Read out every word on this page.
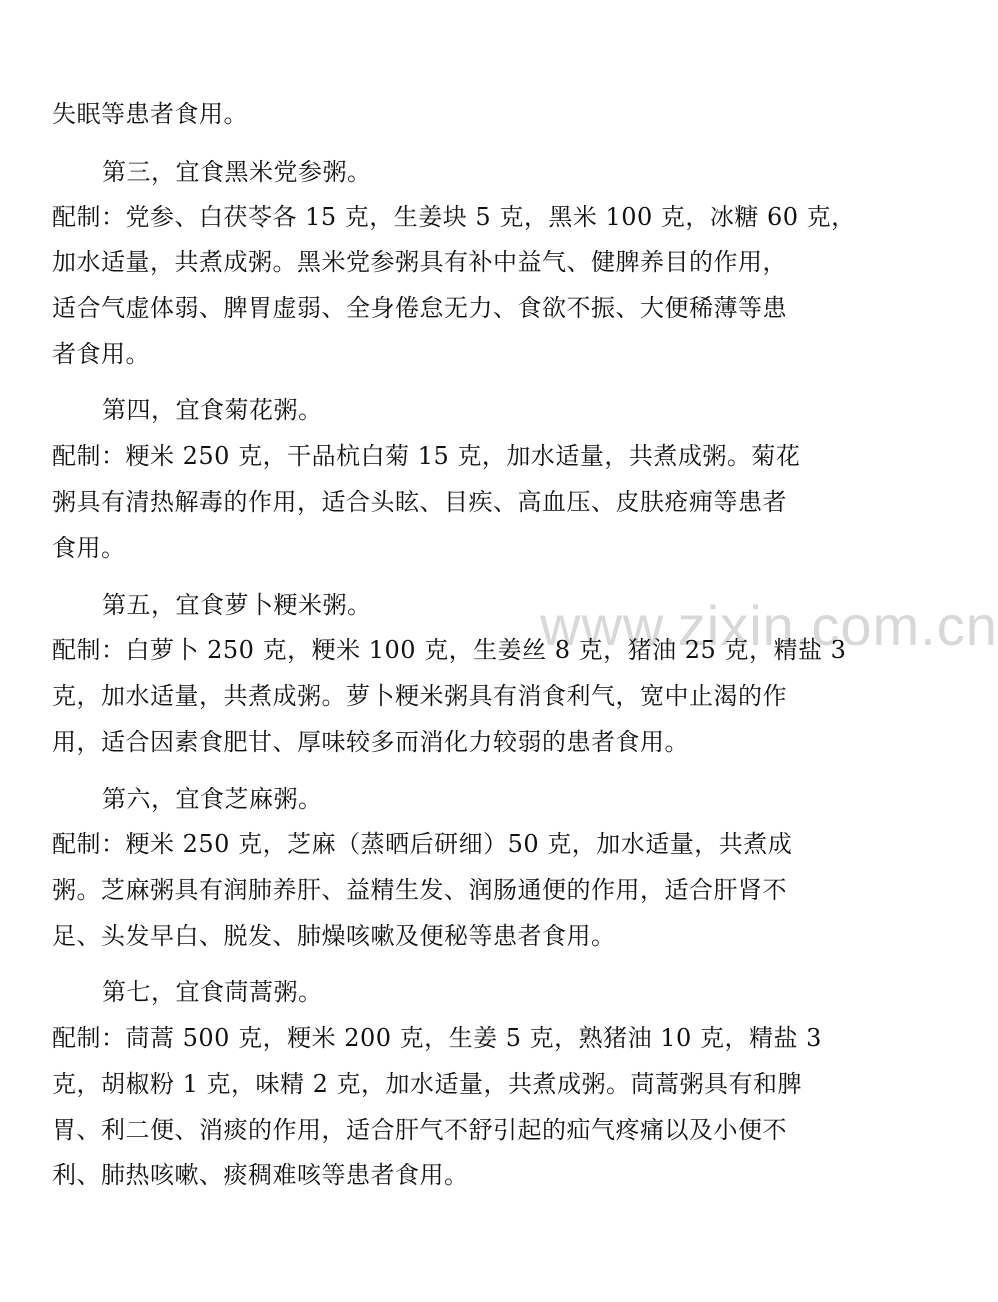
www.zixin.com.cn
失眠等患者食用。
第三，宜食黑米党参粥。
配制：党参、白茯苓各 15 克，生姜块 5 克，黑米 100 克，冰糖 60 克，
加水适量，共煮成粥。黑米党参粥具有补中益气、健脾养目的作用，
适合气虚体弱、脾胃虚弱、全身倦怠无力、食欲不振、大便稀薄等患
者食用。
第四，宜食菊花粥。
配制：粳米 250 克，干品杭白菊 15 克，加水适量，共煮成粥。菊花
粥具有清热解毒的作用，适合头眩、目疾、高血压、皮肤疮痈等患者
食用。
第五，宜食萝卜粳米粥。
配制：白萝卜 250 克，粳米 100 克，生姜丝 8 克，猪油 25 克，精盐 3
克，加水适量，共煮成粥。萝卜粳米粥具有消食利气，宽中止渴的作
用，适合因素食肥甘、厚味较多而消化力较弱的患者食用。
第六，宜食芝麻粥。
配制：粳米 250 克，芝麻（蒸晒后研细）50 克，加水适量，共煮成
粥。芝麻粥具有润肺养肝、益精生发、润肠通便的作用，适合肝肾不
足、头发早白、脱发、肺燥咳嗽及便秘等患者食用。
第七，宜食茼蒿粥。
配制：茼蒿 500 克，粳米 200 克，生姜 5 克，熟猪油 10 克，精盐 3
克，胡椒粉 1 克，味精 2 克，加水适量，共煮成粥。茼蒿粥具有和脾
胃、利二便、消痰的作用，适合肝气不舒引起的疝气疼痛以及小便不
利、肺热咳嗽、痰稠难咳等患者食用。
